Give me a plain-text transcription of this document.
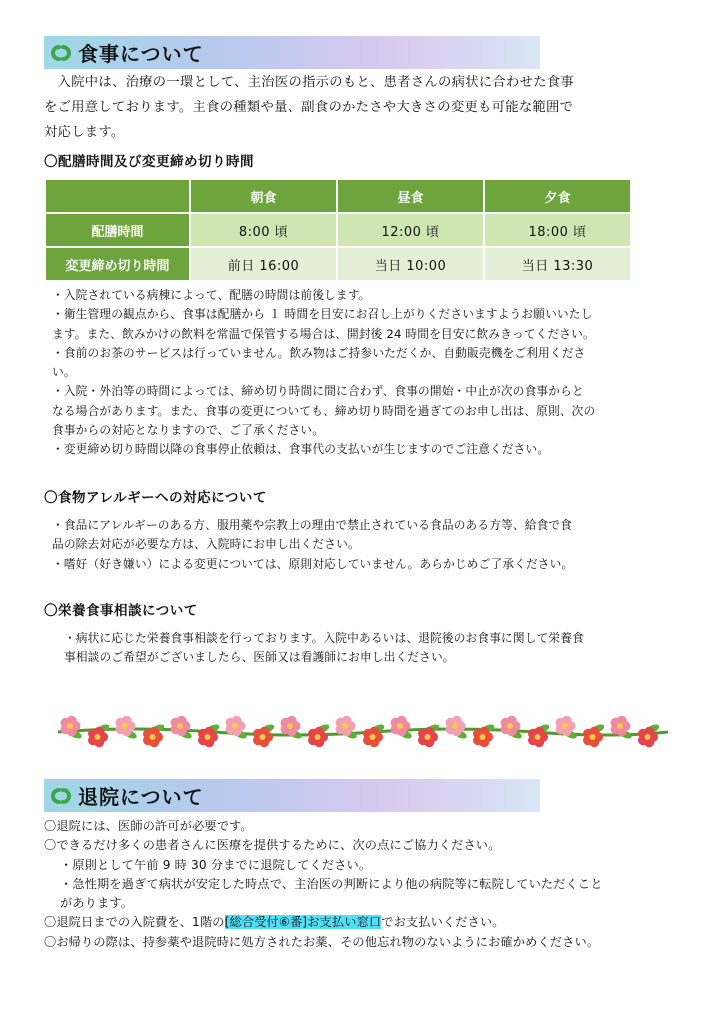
食事について
　入院中は、治療の一環として、主治医の指示のもと、患者さんの病状に合わせた食事
をご用意しております。主食の種類や量、副食のかたさや大きさの変更も可能な範囲で
対応します。
〇配膳時間及び変更締め切り時間
	朝食	昼食	夕食
配膳時間	8:00 頃	12:00 頃	18:00 頃
変更締め切り時間	前日 16:00	当日 10:00	当日 13:30
・入院されている病棟によって、配膳の時間は前後します。
・衛生管理の観点から、食事は配膳から １ 時間を目安にお召し上がりくださいますようお願いいたし
ます。また、飲みかけの飲料を常温で保管する場合は、開封後 24 時間を目安に飲みきってください。
・食前のお茶のサービスは行っていません。飲み物はご持参いただくか、自動販売機をご利用くださ
い。
・入院・外泊等の時間によっては、締め切り時間に間に合わず、食事の開始・中止が次の食事からと
なる場合があります。また、食事の変更についても、締め切り時間を過ぎてのお申し出は、原則、次の
食事からの対応となりますので、ご了承ください。
・変更締め切り時間以降の食事停止依頼は、食事代の支払いが生じますのでご注意ください。
〇食物アレルギーへの対応について
・食品にアレルギーのある方、服用薬や宗教上の理由で禁止されている食品のある方等、給食で食
品の除去対応が必要な方は、入院時にお申し出ください。
・嗜好（好き嫌い）による変更については、原則対応していません。あらかじめご了承ください。
〇栄養食事相談について
・病状に応じた栄養食事相談を行っております。入院中あるいは、退院後のお食事に関して栄養食
事相談のご希望がございましたら、医師又は看護師にお申し出ください。
退院について
〇退院には、医師の許可が必要です。
〇できるだけ多くの患者さんに医療を提供するために、次の点にご協力ください。
・原則として午前 9 時 30 分までに退院してください。
・急性期を過ぎて病状が安定した時点で、主治医の判断により他の病院等に転院していただくこと
があります。
〇退院日までの入院費を、1階の[総合受付⑥番]お支払い窓口でお支払いください。
〇お帰りの際は、持参薬や退院時に処方されたお薬、その他忘れ物のないようにお確かめください。
